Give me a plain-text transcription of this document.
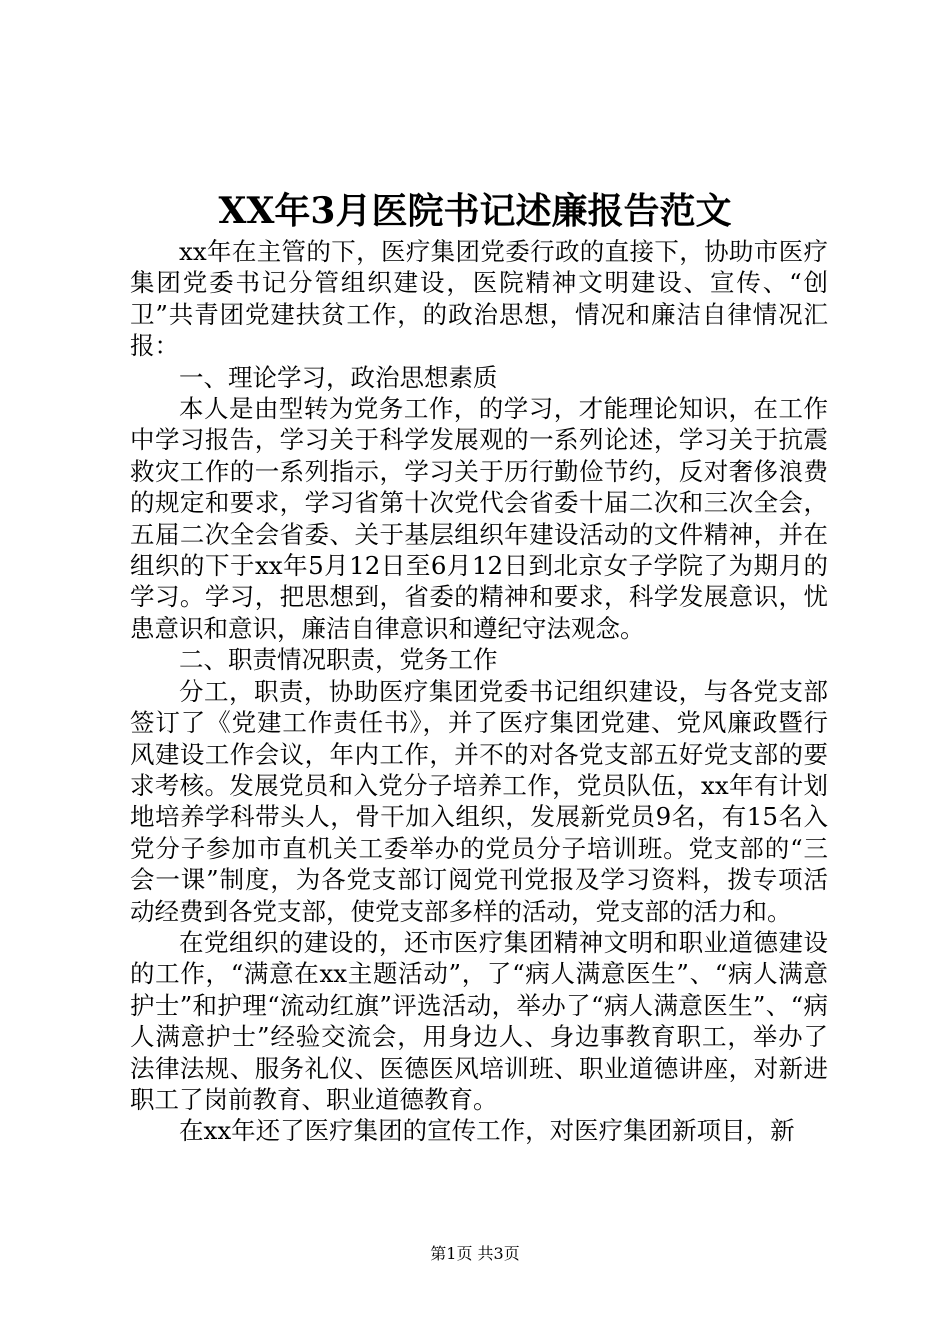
XX年3月医院书记述廉报告范文

xx年在主管的下，医疗集团党委行政的直接下，协助市医疗集团党委书记分管组织建设，医院精神文明建设、宣传、“创卫”共青团党建扶贫工作，的政治思想，情况和廉洁自律情况汇报：

一、理论学习，政治思想素质

本人是由型转为党务工作，的学习，才能理论知识，在工作中学习报告，学习关于科学发展观的一系列论述，学习关于抗震救灾工作的一系列指示，学习关于历行勤俭节约，反对奢侈浪费的规定和要求，学习省第十次党代会省委十届二次和三次全会，五届二次全会省委、关于基层组织年建设活动的文件精神，并在组织的下于xx年5月12日至6月12日到北京女子学院了为期月的学习。学习，把思想到，省委的精神和要求，科学发展意识，忧患意识和意识，廉洁自律意识和遵纪守法观念。

二、职责情况职责，党务工作

分工，职责，协助医疗集团党委书记组织建设，与各党支部签订了《党建工作责任书》，并了医疗集团党建、党风廉政暨行风建设工作会议，年内工作，并不的对各党支部五好党支部的要求考核。发展党员和入党分子培养工作，党员队伍，xx年有计划地培养学科带头人，骨干加入组织，发展新党员9名，有15名入党分子参加市直机关工委举办的党员分子培训班。党支部的“三会一课”制度，为各党支部订阅党刊党报及学习资料，拨专项活动经费到各党支部，使党支部多样的活动，党支部的活力和。

在党组织的建设的，还市医疗集团精神文明和职业道德建设的工作，“满意在xx主题活动”，了“病人满意医生”、“病人满意护士”和护理“流动红旗”评选活动，举办了“病人满意医生”、“病人满意护士”经验交流会，用身边人、身边事教育职工，举办了法律法规、服务礼仪、医德医风培训班、职业道德讲座，对新进职工了岗前教育、职业道德教育。

在xx年还了医疗集团的宣传工作，对医疗集团新项目，新

第1页 共3页
